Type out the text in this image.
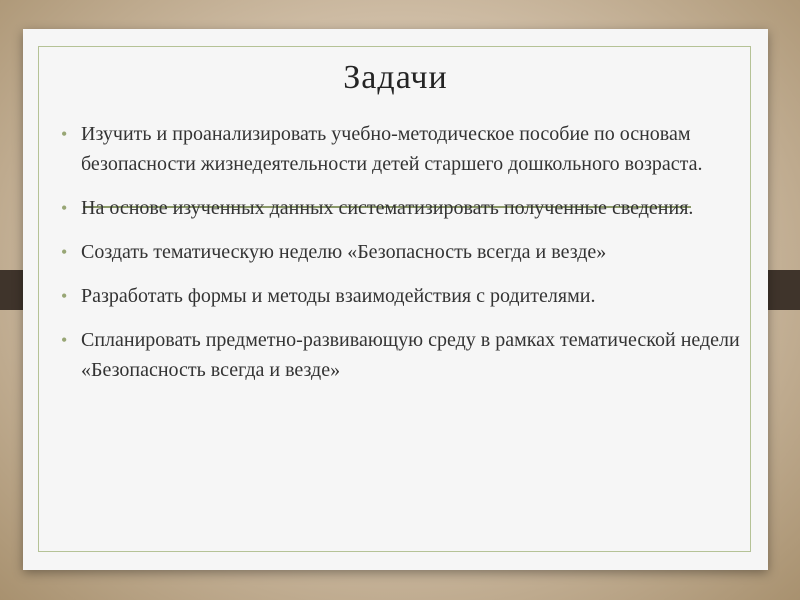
Задачи
• Изучить и проанализировать учебно-методическое пособие по основам безопасности жизнедеятельности детей старшего дошкольного возраста.
• На основе изученных данных систематизировать полученные сведения.
• Создать тематическую неделю «Безопасность всегда и везде»
• Разработать формы и методы взаимодействия с родителями.
• Спланировать предметно-развивающую среду в рамках тематической недели «Безопасность всегда и везде»
